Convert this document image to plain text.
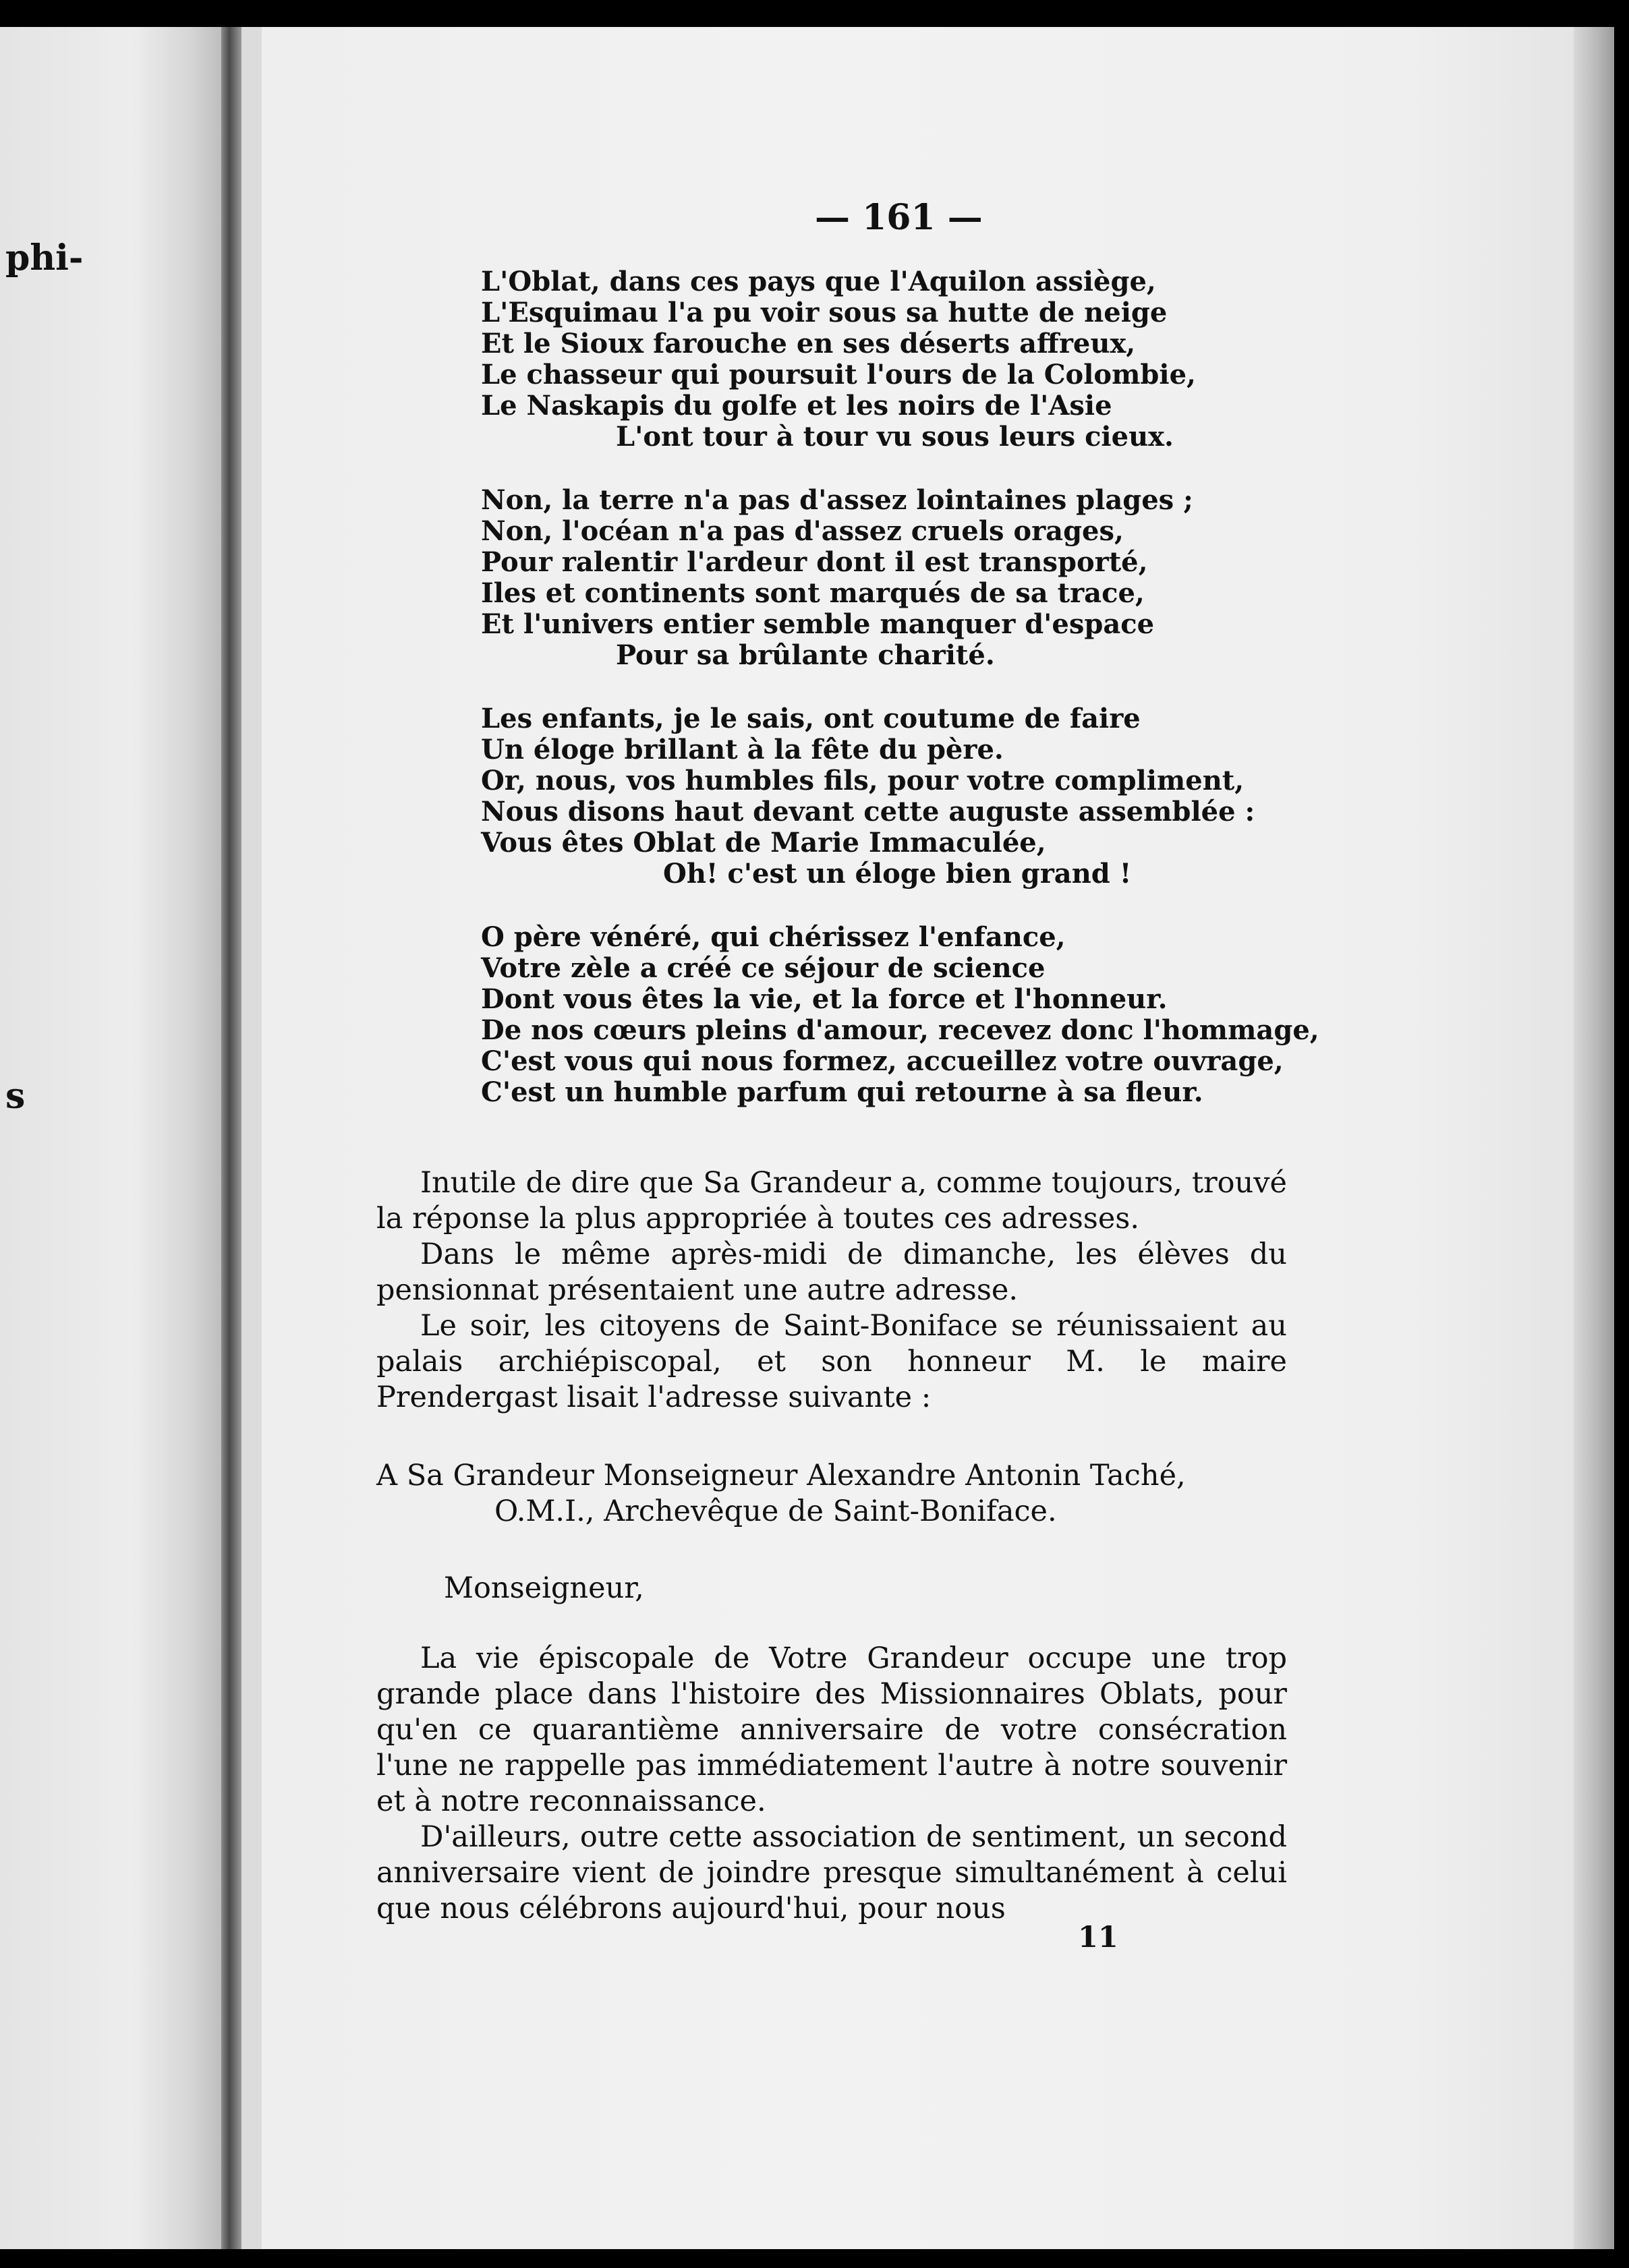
phi-
s
— 161 —
L'Oblat, dans ces pays que l'Aquilon assiège,
L'Esquimau l'a pu voir sous sa hutte de neige
Et le Sioux farouche en ses déserts affreux,
Le chasseur qui poursuit l'ours de la Colombie,
Le Naskapis du golfe et les noirs de l'Asie
L'ont tour à tour vu sous leurs cieux.
Non, la terre n'a pas d'assez lointaines plages ;
Non, l'océan n'a pas d'assez cruels orages,
Pour ralentir l'ardeur dont il est transporté,
Iles et continents sont marqués de sa trace,
Et l'univers entier semble manquer d'espace
Pour sa brûlante charité.
Les enfants, je le sais, ont coutume de faire
Un éloge brillant à la fête du père.
Or, nous, vos humbles fils, pour votre compliment,
Nous disons haut devant cette auguste assemblée :
Vous êtes Oblat de Marie Immaculée,
Oh! c'est un éloge bien grand !
O père vénéré, qui chérissez l'enfance,
Votre zèle a créé ce séjour de science
Dont vous êtes la vie, et la force et l'honneur.
De nos cœurs pleins d'amour, recevez donc l'hommage,
C'est vous qui nous formez, accueillez votre ouvrage,
C'est un humble parfum qui retourne à sa fleur.

Inutile de dire que Sa Grandeur a, comme toujours, trouvé la réponse la plus appropriée à toutes ces adresses.

Dans le même après-midi de dimanche, les élèves du pensionnat présentaient une autre adresse.

Le soir, les citoyens de Saint-Boniface se réunissaient au palais archiépiscopal, et son honneur M. le maire Prendergast lisait l'adresse suivante :

A Sa Grandeur Monseigneur Alexandre Antonin Taché,

O.M.I., Archevêque de Saint-Boniface.

Monseigneur,

La vie épiscopale de Votre Grandeur occupe une trop grande place dans l'histoire des Missionnaires Oblats, pour qu'en ce quarantième anniversaire de votre consécration l'une ne rappelle pas immédiatement l'autre à notre souvenir et à notre reconnaissance.

D'ailleurs, outre cette association de sentiment, un second anniversaire vient de joindre presque simultanément à celui que nous célébrons aujourd'hui, pour nous

11
